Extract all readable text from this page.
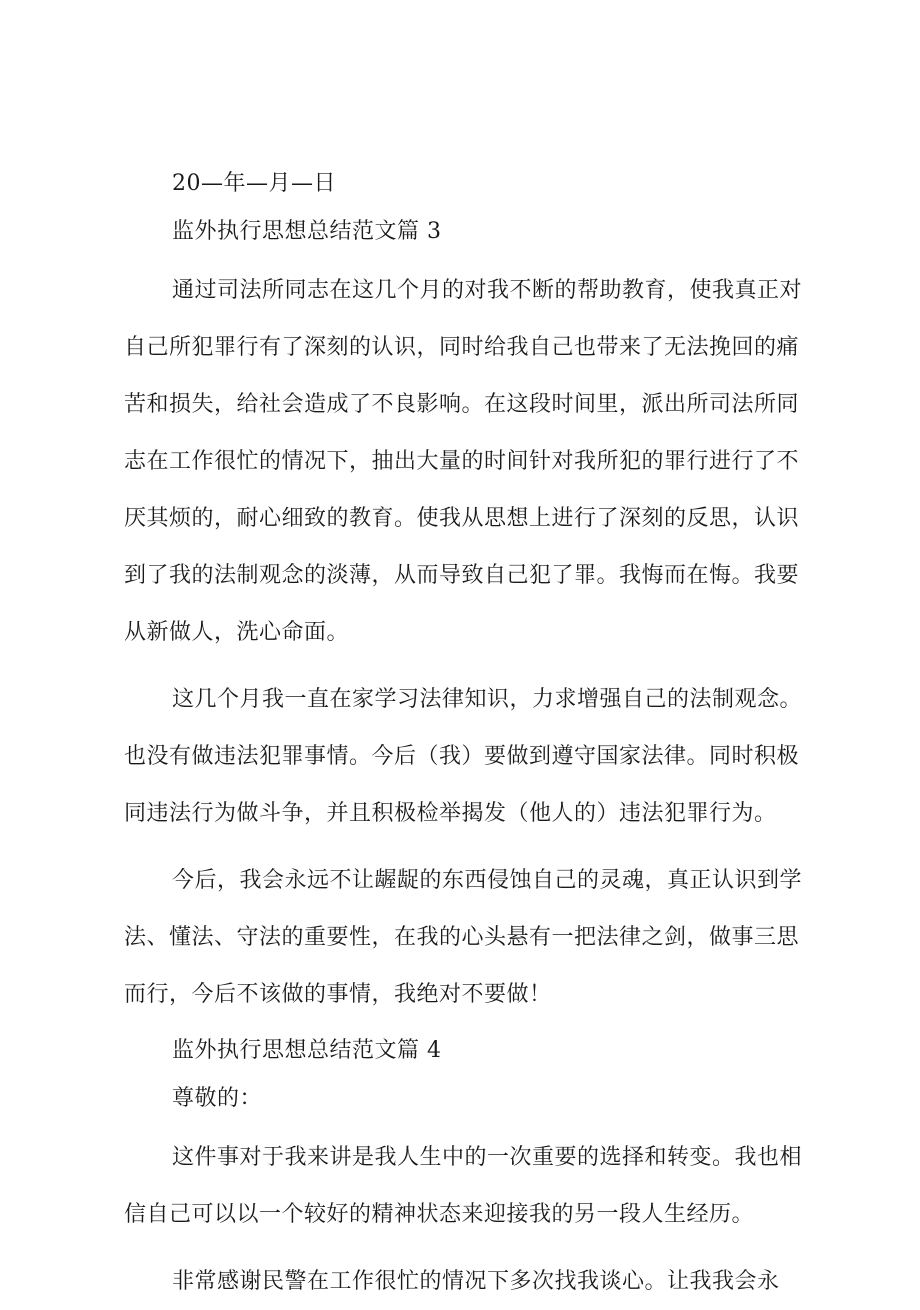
20—年—月—日
监外执行思想总结范文篇 3
通过司法所同志在这几个月的对我不断的帮助教育，使我真正对
自己所犯罪行有了深刻的认识，同时给我自己也带来了无法挽回的痛
苦和损失，给社会造成了不良影响。在这段时间里，派出所司法所同
志在工作很忙的情况下，抽出大量的时间针对我所犯的罪行进行了不
厌其烦的，耐心细致的教育。使我从思想上进行了深刻的反思，认识
到了我的法制观念的淡薄，从而导致自己犯了罪。我悔而在悔。我要
从新做人，洗心命面。
这几个月我一直在家学习法律知识，力求增强自己的法制观念。
也没有做违法犯罪事情。今后（我）要做到遵守国家法律。同时积极
同违法行为做斗争，并且积极检举揭发（他人的）违法犯罪行为。
今后，我会永远不让龌龊的东西侵蚀自己的灵魂，真正认识到学
法、懂法、守法的重要性，在我的心头悬有一把法律之剑，做事三思
而行，今后不该做的事情，我绝对不要做！
监外执行思想总结范文篇 4
尊敬的：
这件事对于我来讲是我人生中的一次重要的选择和转变。我也相
信自己可以以一个较好的精神状态来迎接我的另一段人生经历。
非常感谢民警在工作很忙的情况下多次找我谈心。让我我会永
